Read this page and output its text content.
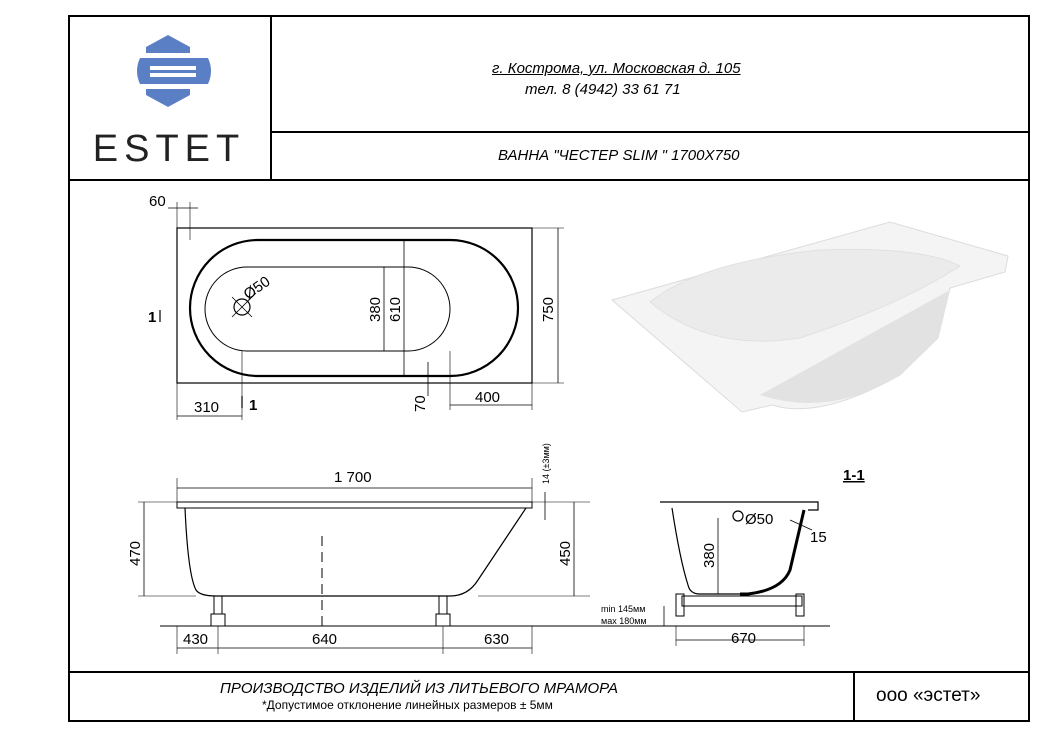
ESTET
г. Кострома, ул. Московская д. 105
тел. 8 (4942) 33 61 71
ВАННА "ЧЕСТЕР SLIM " 1700Х750
ПРОИЗВОДСТВО ИЗДЕЛИЙ ИЗ ЛИТЬЕВОГО МРАМОРА
*Допустимое отклонение линейных размеров ± 5мм	ооо «эстет»
60
Ø50
380 610	750
310
400
70
1
1
1 700	14 (±3мм)
470	450
430	640	630
1-1
Ø50
15
380
670
min 145мм
мах 180мм
